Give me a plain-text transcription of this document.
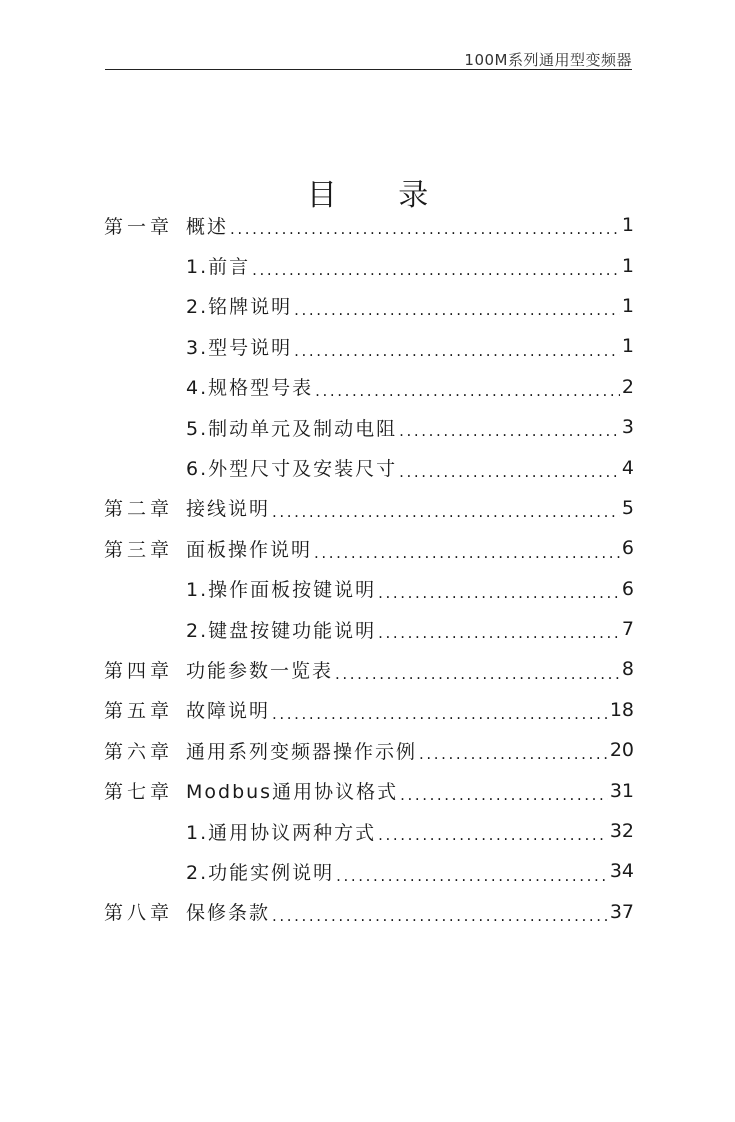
100M系列通用型变频器
目 录
第一章 概述 .....	1
1.前言 .....	1
2.铭牌说明 .....	1
3.型号说明 .....	1
4.规格型号表 .....	2
5.制动单元及制动电阻 .....	3
6.外型尺寸及安装尺寸 .....	4
第二章 接线说明 .....	5
第三章 面板操作说明 .....	6
1.操作面板按键说明 .....	6
2.键盘按键功能说明 .....	7
第四章 功能参数一览表 .....	8
第五章 故障说明 .....	18
第六章 通用系列变频器操作示例 .....	20
第七章 Modbus通用协议格式 .....	31
1.通用协议两种方式 .....	32
2.功能实例说明 .....	34
第八章 保修条款 .....	37
